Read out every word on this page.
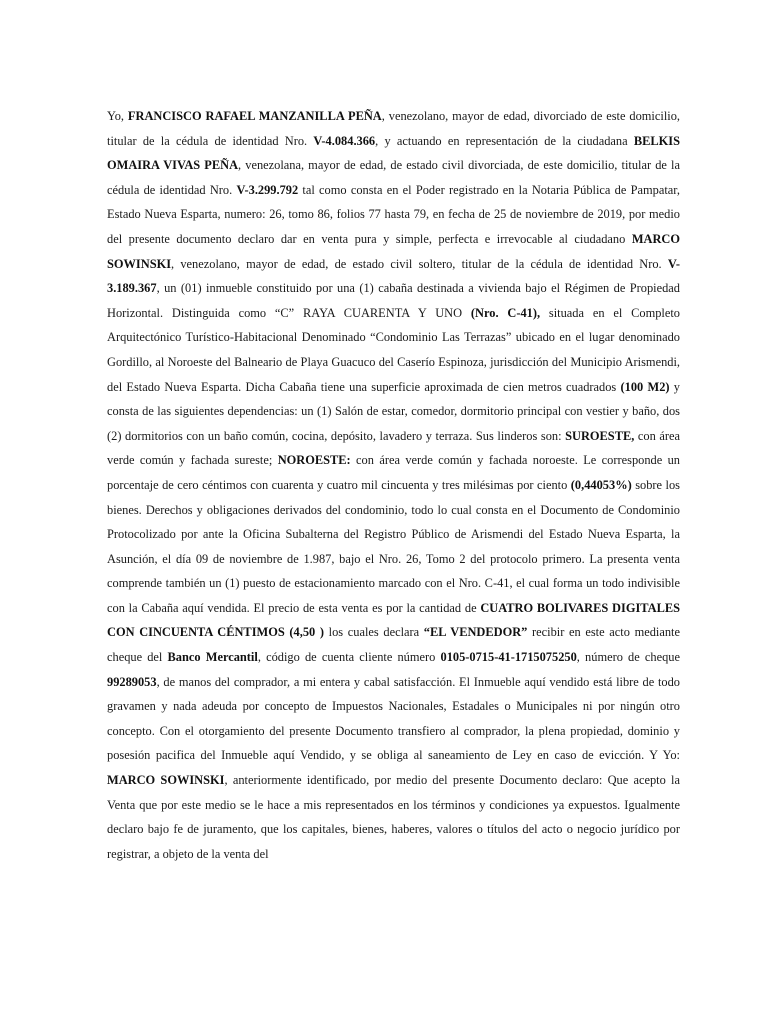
Yo, FRANCISCO RAFAEL MANZANILLA PEÑA, venezolano, mayor de edad, divorciado de este domicilio, titular de la cédula de identidad Nro. V-4.084.366, y actuando en representación de la ciudadana BELKIS OMAIRA VIVAS PEÑA, venezolana, mayor de edad, de estado civil divorciada, de este domicilio, titular de la cédula de identidad Nro. V-3.299.792 tal como consta en el Poder registrado en la Notaria Pública de Pampatar, Estado Nueva Esparta, numero: 26, tomo 86, folios 77 hasta 79, en fecha de 25 de noviembre de 2019, por medio del presente documento declaro dar en venta pura y simple, perfecta e irrevocable al ciudadano MARCO SOWINSKI, venezolano, mayor de edad, de estado civil soltero, titular de la cédula de identidad Nro. V-3.189.367, un (01) inmueble constituido por una (1) cabaña destinada a vivienda bajo el Régimen de Propiedad Horizontal. Distinguida como “C” RAYA CUARENTA Y UNO (Nro. C-41), situada en el Completo Arquitectónico Turístico-Habitacional Denominado “Condominio Las Terrazas” ubicado en el lugar denominado Gordillo, al Noroeste del Balneario de Playa Guacuco del Caserío Espinoza, jurisdicción del Municipio Arismendi, del Estado Nueva Esparta. Dicha Cabaña tiene una superficie aproximada de cien metros cuadrados (100 M2) y consta de las siguientes dependencias: un (1) Salón de estar, comedor, dormitorio principal con vestier y baño, dos (2) dormitorios con un baño común, cocina, depósito, lavadero y terraza. Sus linderos son: SUROESTE, con área verde común y fachada sureste; NOROESTE: con área verde común y fachada noroeste. Le corresponde un porcentaje de cero céntimos con cuarenta y cuatro mil cincuenta y tres milésimas por ciento (0,44053%) sobre los bienes. Derechos y obligaciones derivados del condominio, todo lo cual consta en el Documento de Condominio Protocolizado por ante la Oficina Subalterna del Registro Público de Arismendi del Estado Nueva Esparta, la Asunción, el día 09 de noviembre de 1.987, bajo el Nro. 26, Tomo 2 del protocolo primero. La presenta venta comprende también un (1) puesto de estacionamiento marcado con el Nro. C-41, el cual forma un todo indivisible con la Cabaña aquí vendida. El precio de esta venta es por la cantidad de CUATRO BOLIVARES DIGITALES CON CINCUENTA CÉNTIMOS (4,50 ) los cuales declara “EL VENDEDOR” recibir en este acto mediante cheque del Banco Mercantil, código de cuenta cliente número 0105-0715-41-1715075250, número de cheque 99289053, de manos del comprador, a mi entera y cabal satisfacción. El Inmueble aquí vendido está libre de todo gravamen y nada adeuda por concepto de Impuestos Nacionales, Estadales o Municipales ni por ningún otro concepto. Con el otorgamiento del presente Documento transfiero al comprador, la plena propiedad, dominio y posesión pacifica del Inmueble aquí Vendido, y se obliga al saneamiento de Ley en caso de evicción. Y Yo: MARCO SOWINSKI, anteriormente identificado, por medio del presente Documento declaro: Que acepto la Venta que por este medio se le hace a mis representados en los términos y condiciones ya expuestos. Igualmente declaro bajo fe de juramento, que los capitales, bienes, haberes, valores o títulos del acto o negocio jurídico por registrar, a objeto de la venta del
